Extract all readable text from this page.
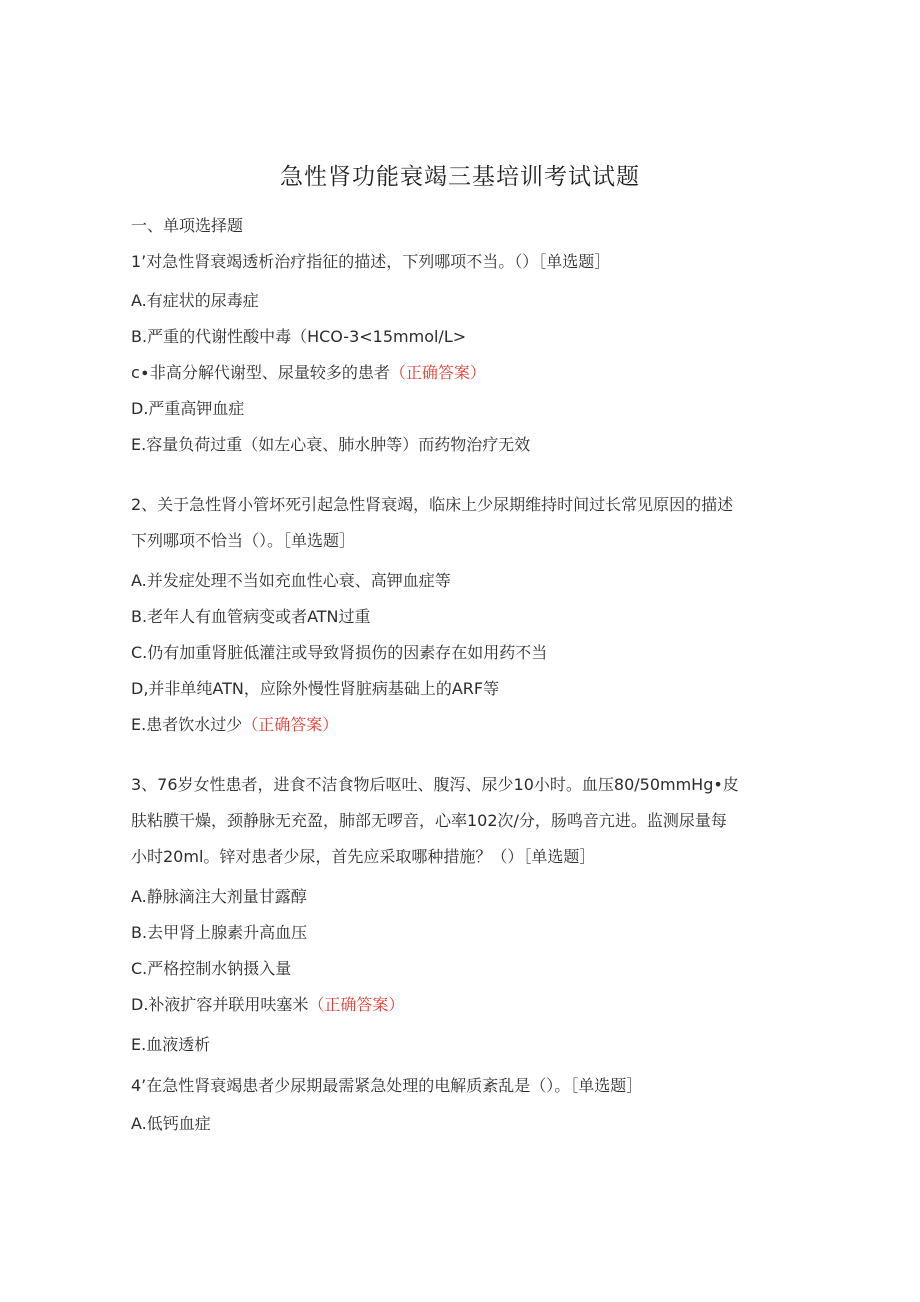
急性肾功能衰竭三基培训考试试题
一、单项选择题
1’对急性肾衰竭透析治疗指征的描述，下列哪项不当。（）［单选题］
A.有症状的尿毒症
B.严重的代谢性酸中毒（HCO-3<15mmol∕L>
c∙非高分解代谢型、尿量较多的患者（正确答案）
D.严重高钾血症
E.容量负荷过重（如左心衰、肺水肿等）而药物治疗无效
2、关于急性肾小管坏死引起急性肾衰竭，临床上少尿期维持时间过长常见原因的描述
下列哪项不恰当（）。［单选题］
A.并发症处理不当如充血性心衰、高钾血症等
B.老年人有血管病变或者ATN过重
C.仍有加重肾脏低灌注或导致肾损伤的因素存在如用药不当
D,并非单纯ATN，应除外慢性肾脏病基础上的ARF等
E.患者饮水过少（正确答案）
3、76岁女性患者，进食不洁食物后呕吐、腹泻、尿少10小时。血压80∕50mmHg•皮
肤粘膜干燥，颈静脉无充盈，肺部无啰音，心率102次/分，肠鸣音亢进。监测尿量每
小时20ml。锌对患者少尿，首先应采取哪种措施？（）［单选题］
A.静脉滴注大剂量甘露醇
B.去甲肾上腺素升高血压
C.严格控制水钠摄入量
D.补液扩容并联用呋塞米（正确答案）
E.血液透析
4’在急性肾衰竭患者少尿期最需紧急处理的电解质紊乱是（）。［单选题］
A.低钙血症
